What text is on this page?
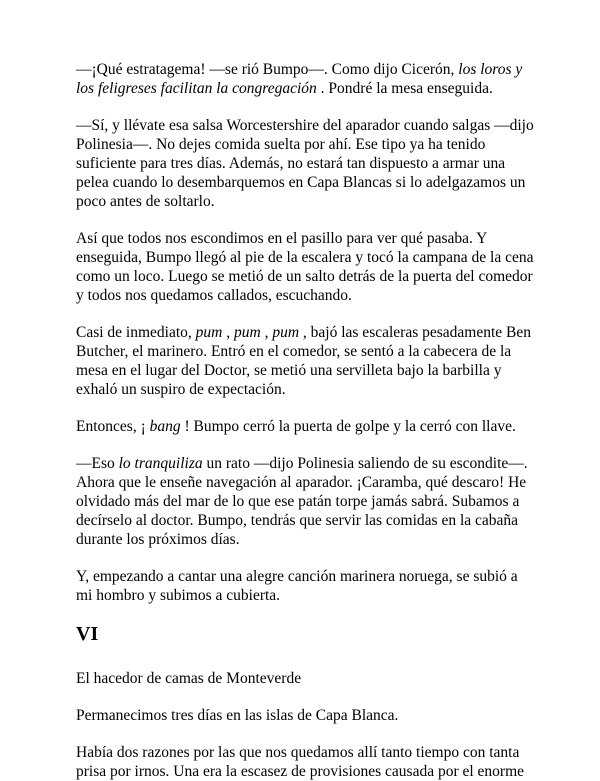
—¡Qué estratagema! —se rió Bumpo—. Como dijo Cicerón, los loros y los feligreses facilitan la congregación . Pondré la mesa enseguida.

—Sí, y llévate esa salsa Worcestershire del aparador cuando salgas —dijo Polinesia—. No dejes comida suelta por ahí. Ese tipo ya ha tenido suficiente para tres días. Además, no estará tan dispuesto a armar una pelea cuando lo desembarquemos en Capa Blancas si lo adelgazamos un poco antes de soltarlo.

Así que todos nos escondimos en el pasillo para ver qué pasaba. Y enseguida, Bumpo llegó al pie de la escalera y tocó la campana de la cena como un loco. Luego se metió de un salto detrás de la puerta del comedor y todos nos quedamos callados, escuchando.

Casi de inmediato, pum , pum , pum , bajó las escaleras pesadamente Ben Butcher, el marinero. Entró en el comedor, se sentó a la cabecera de la mesa en el lugar del Doctor, se metió una servilleta bajo la barbilla y exhaló un suspiro de expectación.

Entonces, ¡ bang ! Bumpo cerró la puerta de golpe y la cerró con llave.

—Eso lo tranquiliza un rato —dijo Polinesia saliendo de su escondite—. Ahora que le enseñe navegación al aparador. ¡Caramba, qué descaro! He olvidado más del mar de lo que ese patán torpe jamás sabrá. Subamos a decírselo al doctor. Bumpo, tendrás que servir las comidas en la cabaña durante los próximos días.

Y, empezando a cantar una alegre canción marinera noruega, se subió a mi hombro y subimos a cubierta.

VI

El hacedor de camas de Monteverde

Permanecimos tres días en las islas de Capa Blanca.

Había dos razones por las que nos quedamos allí tanto tiempo con tanta prisa por irnos. Una era la escasez de provisiones causada por el enorme
